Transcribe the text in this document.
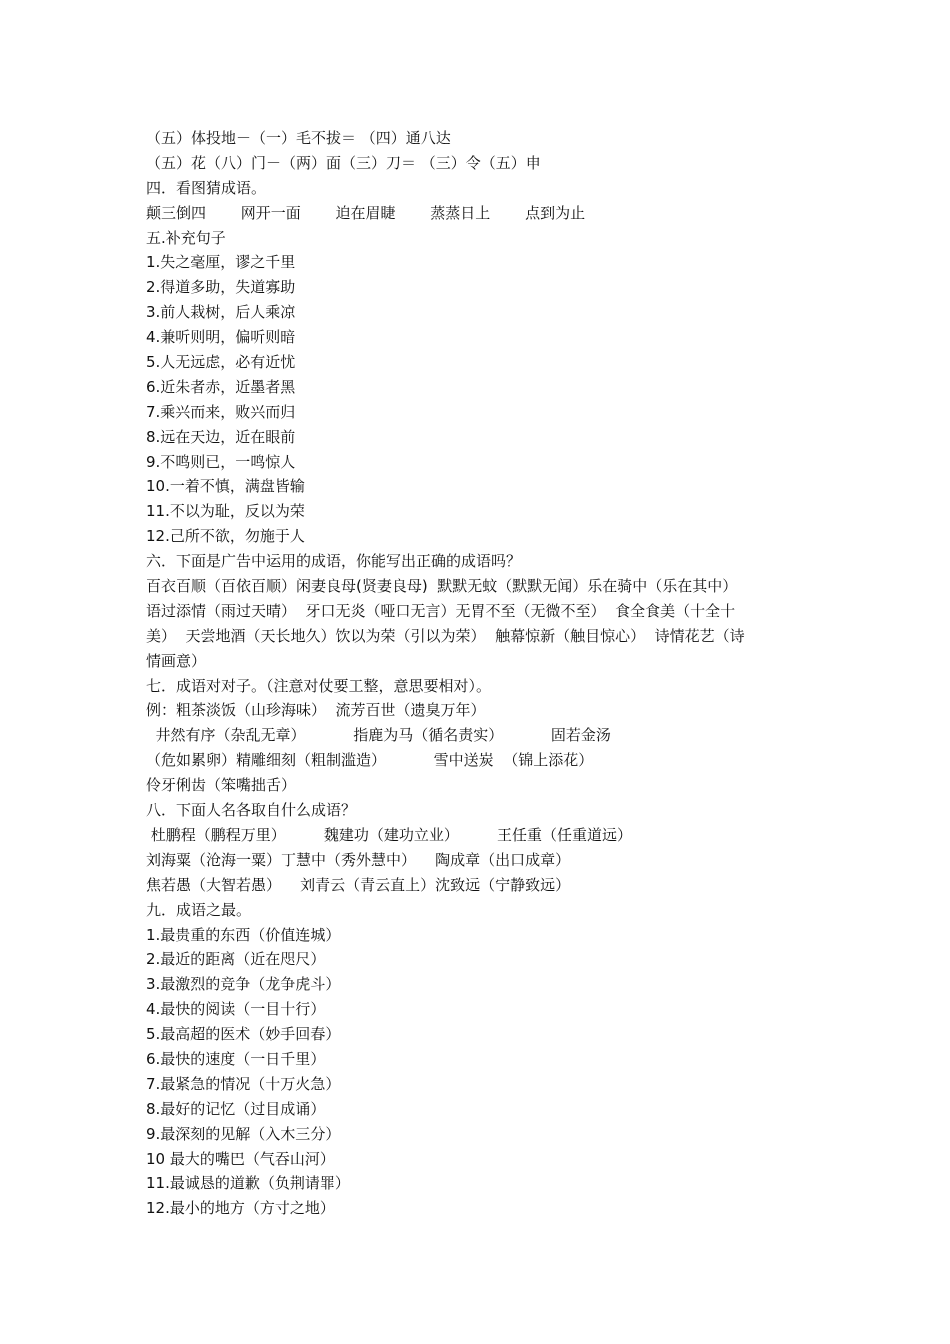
（五）体投地－（一）毛不拔＝ （四）通八达
（五）花（八）门－（两）面（三）刀＝ （三）令（五）申
四．看图猜成语。
颠三倒四 　　网开一面 　　迫在眉睫 　　蒸蒸日上 　　点到为止
五.补充句子
1.失之毫厘，谬之千里
2.得道多助，失道寡助
3.前人栽树，后人乘凉
4.兼听则明，偏听则暗
5.人无远虑，必有近忧
6.近朱者赤，近墨者黑
7.乘兴而来，败兴而归
8.远在天边，近在眼前
9.不鸣则已，一鸣惊人
10.一着不慎，满盘皆输
11.不以为耻，反以为荣
12.己所不欲，勿施于人
六．下面是广告中运用的成语，你能写出正确的成语吗？
百衣百顺（百依百顺）闲妻良母(贤妻良母)  默默无蚊（默默无闻）乐在骑中（乐在其中）
语过添情（雨过天晴）  牙口无炎（哑口无言）无胃不至（无微不至）  食全食美（十全十
美）  天尝地酒（天长地久）饮以为荣（引以为荣）  触幕惊新（触目惊心）  诗情花艺（诗
情画意）
七．成语对对子。（注意对仗要工整，意思要相对）。
例：粗茶淡饭（山珍海味）  流芳百世（遗臭万年）
井然有序（杂乱无章）          指鹿为马（循名责实）          固若金汤
（危如累卵）精雕细刻（粗制滥造）          雪中送炭  （锦上添花）
伶牙俐齿（笨嘴拙舌）
八．下面人名各取自什么成语？
杜鹏程（鹏程万里）        魏建功（建功立业）        王任重（任重道远）
刘海粟（沧海一粟）丁慧中（秀外慧中）    陶成章（出口成章）
焦若愚（大智若愚）    刘青云（青云直上）沈致远（宁静致远）
九．成语之最。
1.最贵重的东西（价值连城）
2.最近的距离（近在咫尺）
3.最激烈的竞争（龙争虎斗）
4.最快的阅读（一目十行）
5.最高超的医术（妙手回春）
6.最快的速度（一日千里）
7.最紧急的情况（十万火急）
8.最好的记忆（过目成诵）
9.最深刻的见解（入木三分）
10 最大的嘴巴（气吞山河）
11.最诚恳的道歉（负荆请罪）
12.最小的地方（方寸之地）
